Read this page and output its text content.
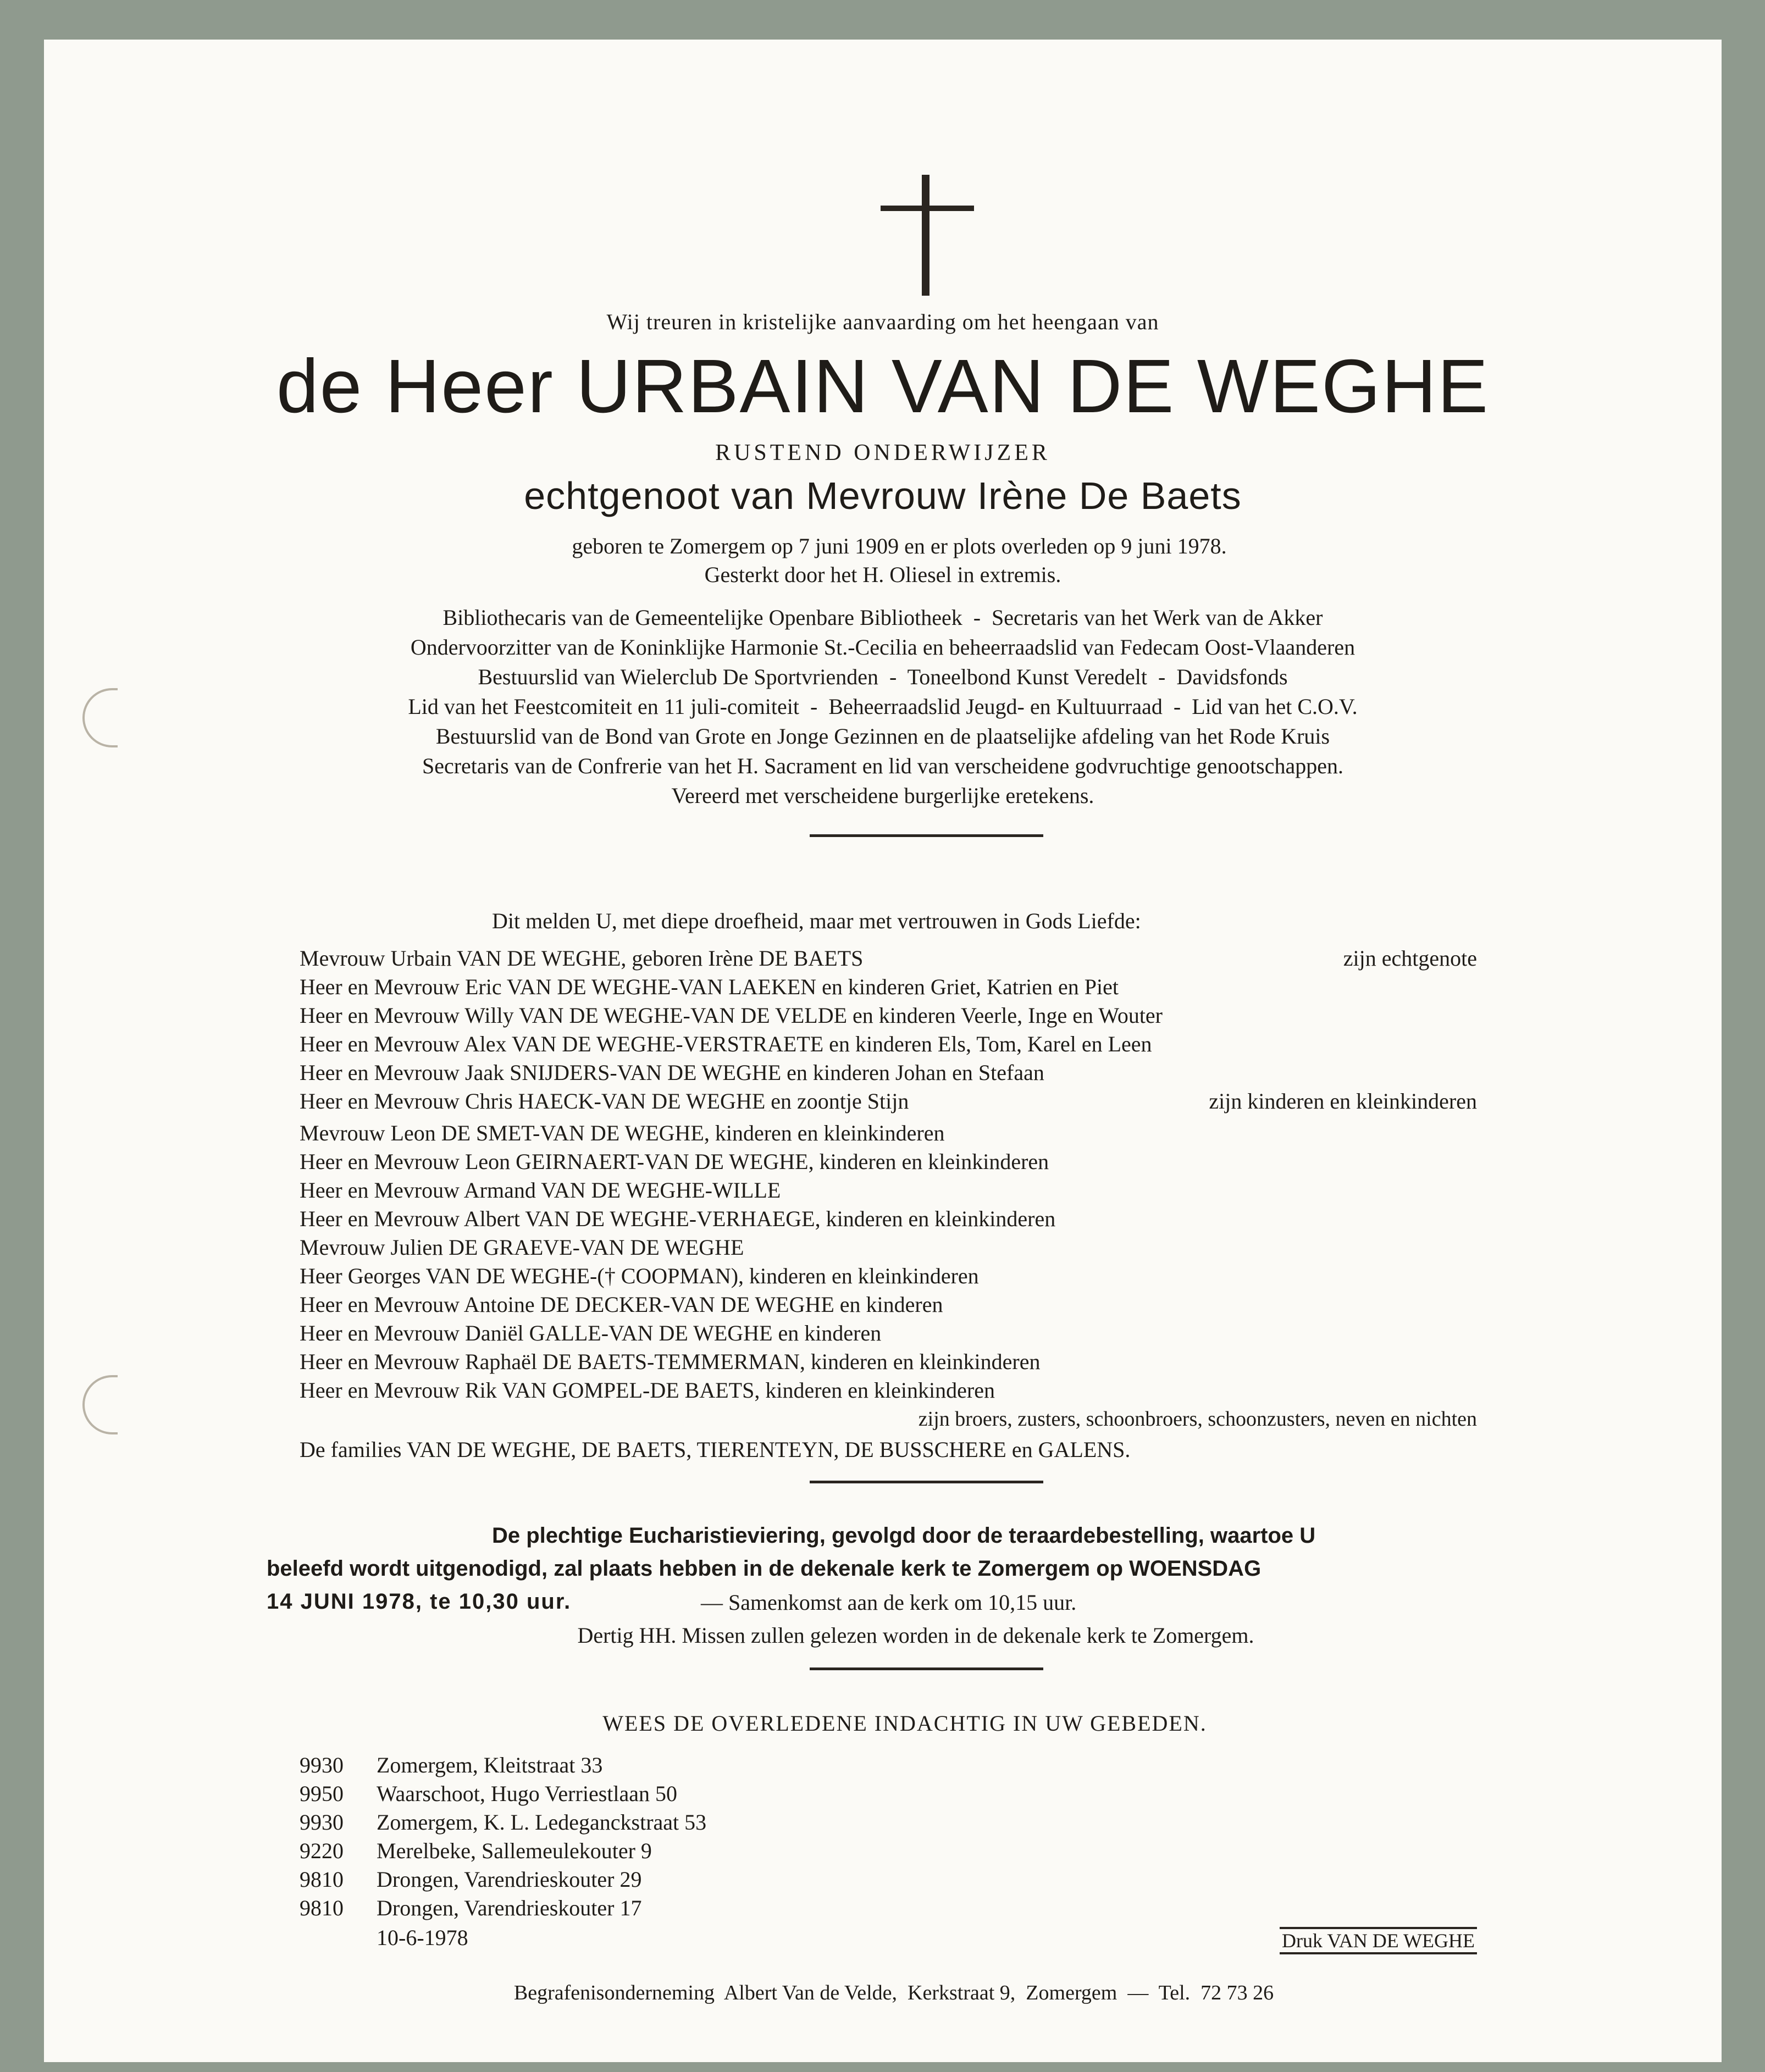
Wij treuren in kristelijke aanvaarding om het heengaan van
de Heer URBAIN VAN DE WEGHE
RUSTEND ONDERWIJZER
echtgenoot van Mevrouw Irène De Baets
geboren te Zomergem op 7 juni 1909 en er plots overleden op 9 juni 1978.
Gesterkt door het H. Oliesel in extremis.
Bibliothecaris van de Gemeentelijke Openbare Bibliotheek  -  Secretaris van het Werk van de Akker
Ondervoorzitter van de Koninklijke Harmonie St.-Cecilia en beheerraadslid van Fedecam Oost-Vlaanderen
Bestuurslid van Wielerclub De Sportvrienden  -  Toneelbond Kunst Veredelt  -  Davidsfonds
Lid van het Feestcomiteit en 11 juli-comiteit  -  Beheerraadslid Jeugd- en Kultuurraad  -  Lid van het C.O.V.
Bestuurslid van de Bond van Grote en Jonge Gezinnen en de plaatselijke afdeling van het Rode Kruis
Secretaris van de Confrerie van het H. Sacrament en lid van verscheidene godvruchtige genootschappen.
Vereerd met verscheidene burgerlijke eretekens.
Dit melden U, met diepe droefheid, maar met vertrouwen in Gods Liefde:
Mevrouw Urbain VAN DE WEGHE, geboren Irène DE BAETS	zijn echtgenote
Heer en Mevrouw Eric VAN DE WEGHE-VAN LAEKEN en kinderen Griet, Katrien en Piet
Heer en Mevrouw Willy VAN DE WEGHE-VAN DE VELDE en kinderen Veerle, Inge en Wouter
Heer en Mevrouw Alex VAN DE WEGHE-VERSTRAETE en kinderen Els, Tom, Karel en Leen
Heer en Mevrouw Jaak SNIJDERS-VAN DE WEGHE en kinderen Johan en Stefaan
Heer en Mevrouw Chris HAECK-VAN DE WEGHE en zoontje Stijn	zijn kinderen en kleinkinderen
Mevrouw Leon DE SMET-VAN DE WEGHE, kinderen en kleinkinderen
Heer en Mevrouw Leon GEIRNAERT-VAN DE WEGHE, kinderen en kleinkinderen
Heer en Mevrouw Armand VAN DE WEGHE-WILLE
Heer en Mevrouw Albert VAN DE WEGHE-VERHAEGE, kinderen en kleinkinderen
Mevrouw Julien DE GRAEVE-VAN DE WEGHE
Heer Georges VAN DE WEGHE-(† COOPMAN), kinderen en kleinkinderen
Heer en Mevrouw Antoine DE DECKER-VAN DE WEGHE en kinderen
Heer en Mevrouw Daniël GALLE-VAN DE WEGHE en kinderen
Heer en Mevrouw Raphaël DE BAETS-TEMMERMAN, kinderen en kleinkinderen
Heer en Mevrouw Rik VAN GOMPEL-DE BAETS, kinderen en kleinkinderen
zijn broers, zusters, schoonbroers, schoonzusters, neven en nichten
De families VAN DE WEGHE, DE BAETS, TIERENTEYN, DE BUSSCHERE en GALENS.
De plechtige Eucharistieviering, gevolgd door de teraardebestelling, waartoe U
beleefd wordt uitgenodigd, zal plaats hebben in de dekenale kerk te Zomergem op WOENSDAG
14 JUNI 1978, te 10,30 uur.	— Samenkomst aan de kerk om 10,15 uur.
Dertig HH. Missen zullen gelezen worden in de dekenale kerk te Zomergem.
WEES DE OVERLEDENE INDACHTIG IN UW GEBEDEN.
9930 Zomergem, Kleitstraat 33
9950 Waarschoot, Hugo Verriestlaan 50
9930 Zomergem, K. L. Ledeganckstraat 53
9220 Merelbeke, Sallemeulekouter 9
9810 Drongen, Varendrieskouter 29
9810 Drongen, Varendrieskouter 17
10-6-1978	Druk VAN DE WEGHE
Begrafenisonderneming  Albert Van de Velde,  Kerkstraat 9,  Zomergem  —  Tel.  72 73 26
